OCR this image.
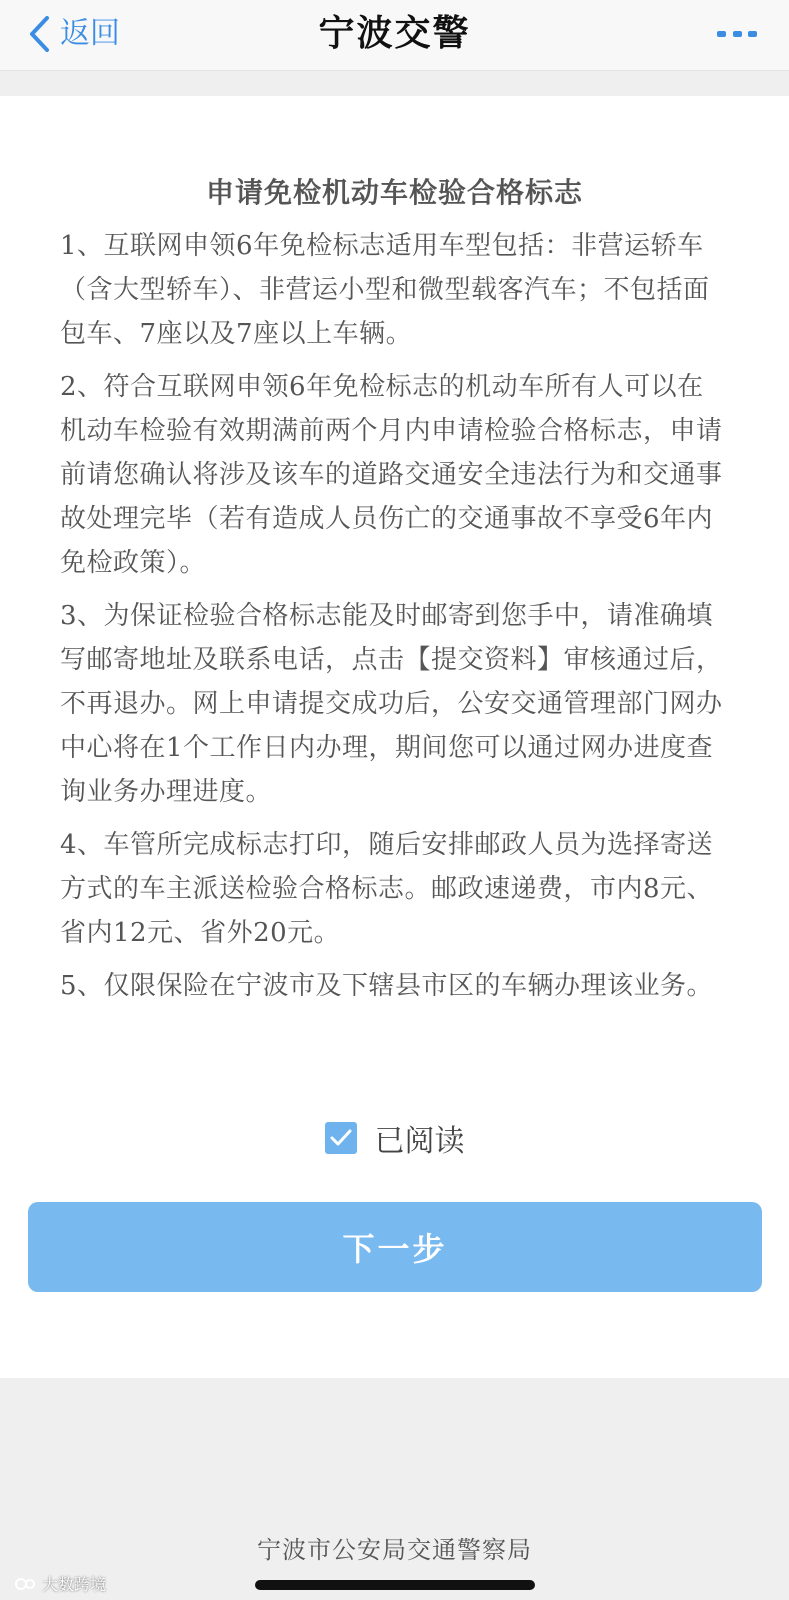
返回	宁波交警
申请免检机动车检验合格标志

1、互联网申领6年免检标志适用车型包括：非营运轿车（含大型轿车）、非营运小型和微型载客汽车；不包括面包车、7座以及7座以上车辆。

2、符合互联网申领6年免检标志的机动车所有人可以在机动车检验有效期满前两个月内申请检验合格标志，申请前请您确认将涉及该车的道路交通安全违法行为和交通事故处理完毕（若有造成人员伤亡的交通事故不享受6年内免检政策）。

3、为保证检验合格标志能及时邮寄到您手中，请准确填写邮寄地址及联系电话，点击【提交资料】审核通过后，不再退办。网上申请提交成功后，公安交通管理部门网办中心将在1个工作日内办理，期间您可以通过网办进度查询业务办理进度。

4、车管所完成标志打印，随后安排邮政人员为选择寄送方式的车主派送检验合格标志。邮政速递费，市内8元、省内12元、省外20元。

5、仅限保险在宁波市及下辖县市区的车辆办理该业务。

已阅读
下一步
宁波市公安局交通警察局
大数跨境
